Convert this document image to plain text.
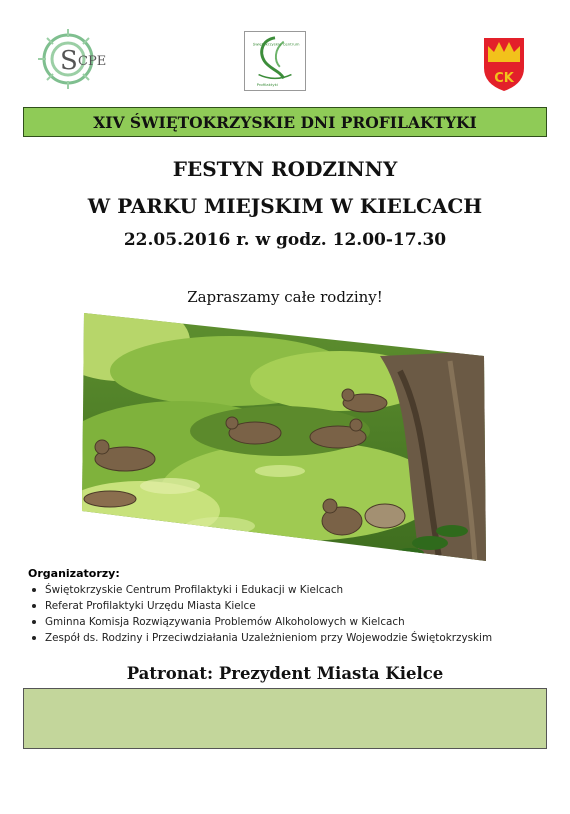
S CPE
Świętokrzyskie Centrum
Profilaktyki	CK
XIV ŚWIĘTOKRZYSKIE DNI PROFILAKTYKI
FESTYN RODZINNY
W PARKU MIEJSKIM W KIELCACH
22.05.2016 r. w godz. 12.00-17.30
Zapraszamy całe rodziny!
Organizatorzy:
Świętokrzyskie Centrum Profilaktyki i Edukacji w Kielcach
Referat Profilaktyki Urzędu Miasta Kielce
Gminna Komisja Rozwiązywania Problemów Alkoholowych w Kielcach
Zespół ds. Rodziny i Przeciwdziałania Uzależnieniom przy Wojewodzie Świętokrzyskim
Patronat: Prezydent Miasta Kielce
